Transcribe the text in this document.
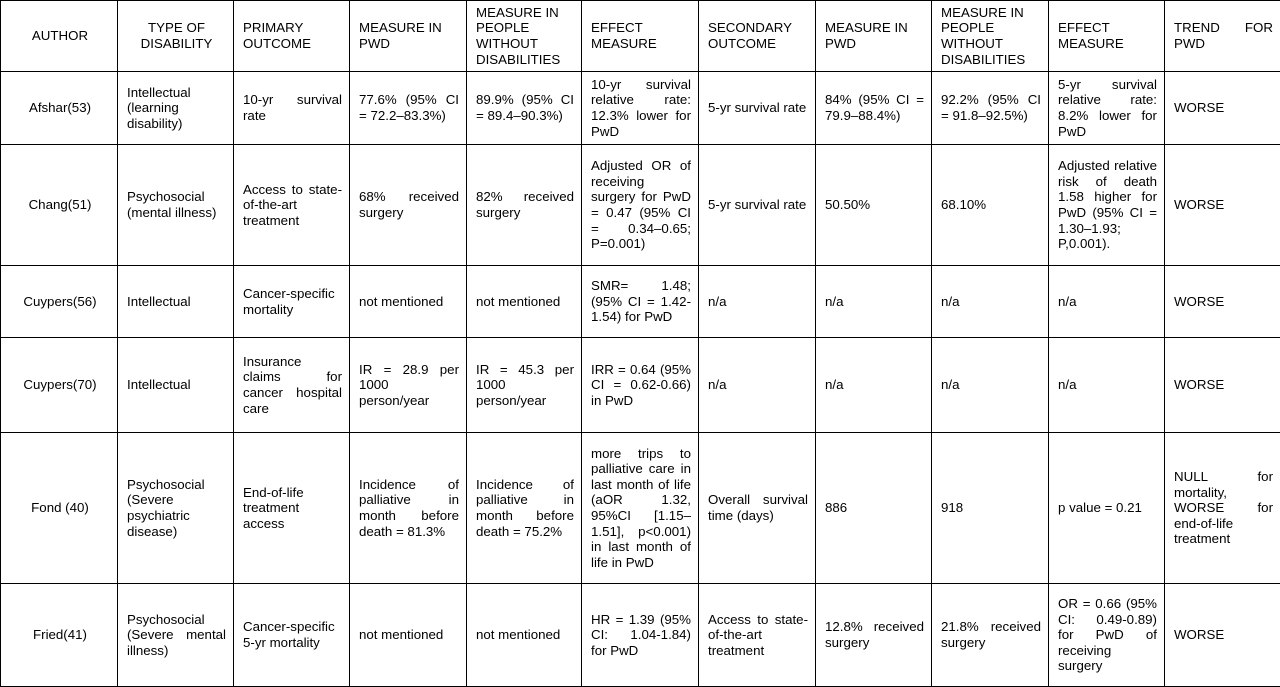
AUTHOR	TYPE OF DISABILITY	PRIMARY OUTCOME	MEASURE IN PWD	MEASURE IN PEOPLE WITHOUT DISABILITIES	EFFECT MEASURE	SECONDARY OUTCOME	MEASURE IN PWD	MEASURE IN PEOPLE WITHOUT DISABILITIES	EFFECT MEASURE	TREND FOR PWD
Afshar(53)	Intellectual (learning disability)	10-yr survival rate	77.6% (95% CI = 72.2–83.3%)	89.9% (95% CI = 89.4–90.3%)	10-yr survival relative rate: 12.3% lower for PwD	5-yr survival rate	84% (95% CI = 79.9–88.4%)	92.2% (95% CI = 91.8–92.5%)	5-yr survival relative rate: 8.2% lower for PwD	WORSE
Chang(51)	Psychosocial (mental illness)	Access to state-of-the-art treatment	68% received surgery	82% received surgery	Adjusted OR of receiving surgery for PwD = 0.47 (95% CI = 0.34–0.65; P=0.001)	5-yr survival rate	50.50%	68.10%	Adjusted relative risk of death 1.58 higher for PwD (95% CI = 1.30–1.93; P,0.001).	WORSE
Cuypers(56)	Intellectual	Cancer-specific mortality	not mentioned	not mentioned	SMR= 1.48; (95% CI = 1.42-1.54) for PwD	n/a	n/a	n/a	n/a	WORSE
Cuypers(70)	Intellectual	Insurance claims for cancer hospital care	IR = 28.9 per 1000 person/year	IR = 45.3 per 1000 person/year	IRR = 0.64 (95% CI = 0.62-0.66) in PwD	n/a	n/a	n/a	n/a	WORSE
Fond (40)	Psychosocial (Severe psychiatric disease)	End-of-life treatment access	Incidence of palliative in month before death = 81.3%	Incidence of palliative in month before death = 75.2%	more trips to palliative care in last month of life (aOR 1.32, 95%CI [1.15–1.51], p<0.001) in last month of life in PwD	Overall survival time (days)	886	918	p value = 0.21	NULL for mortality, WORSE for end-of-life treatment
Fried(41)	Psychosocial (Severe mental illness)	Cancer-specific 5-yr mortality	not mentioned	not mentioned	HR = 1.39 (95% CI: 1.04-1.84) for PwD	Access to state-of-the-art treatment	12.8% received surgery	21.8% received surgery	OR = 0.66 (95% CI: 0.49-0.89) for PwD of receiving surgery	WORSE
